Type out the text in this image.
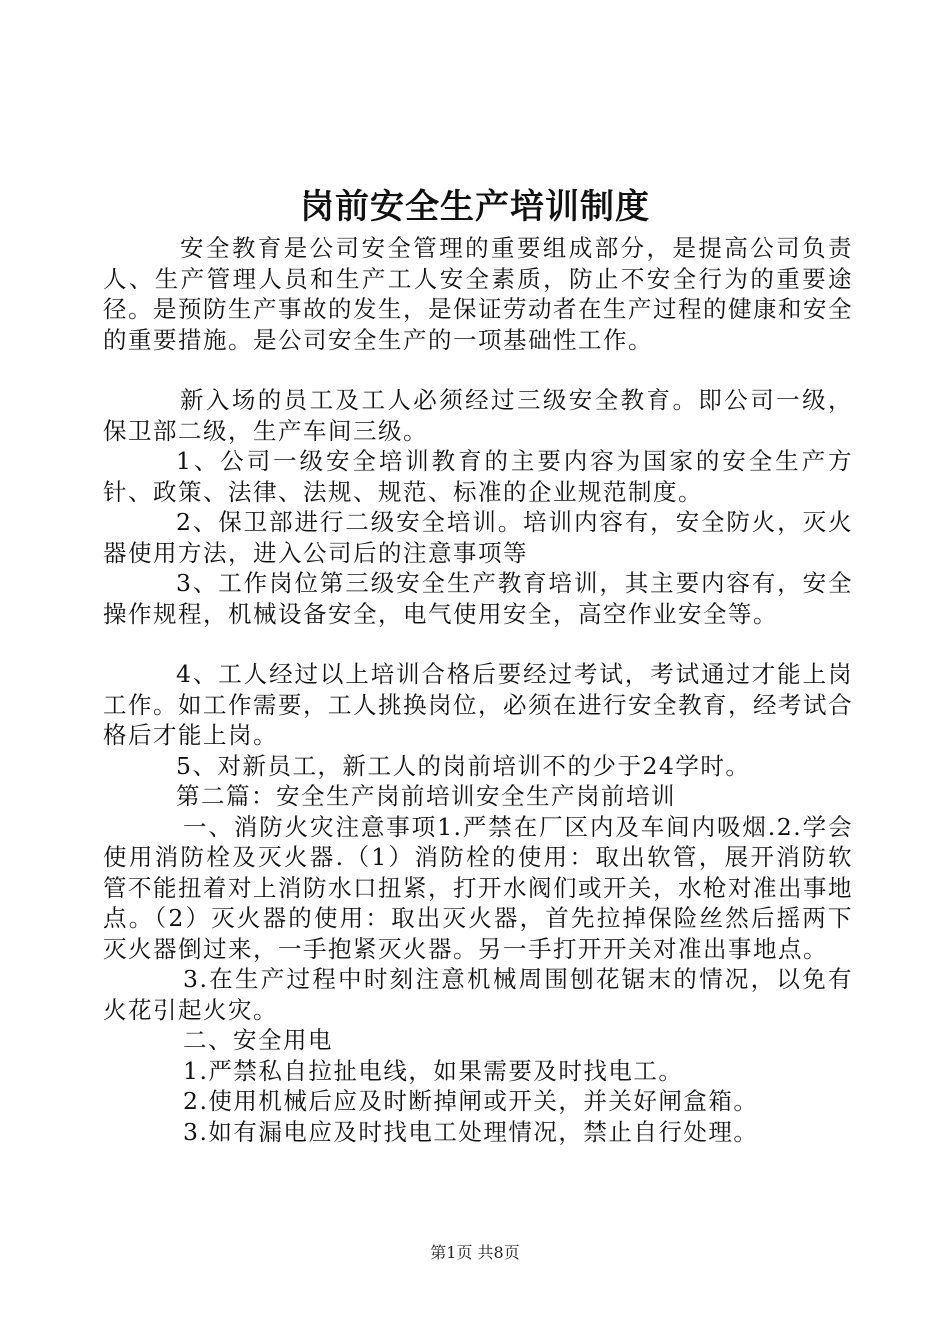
岗前安全生产培训制度

安全教育是公司安全管理的重要组成部分，是提高公司负责人、生产管理人员和生产工人安全素质，防止不安全行为的重要途径。是预防生产事故的发生，是保证劳动者在生产过程的健康和安全的重要措施。是公司安全生产的一项基础性工作。

新入场的员工及工人必须经过三级安全教育。即公司一级，保卫部二级，生产车间三级。

1、公司一级安全培训教育的主要内容为国家的安全生产方针、政策、法律、法规、规范、标准的企业规范制度。

2、保卫部进行二级安全培训。培训内容有，安全防火，灭火器使用方法，进入公司后的注意事项等

3、工作岗位第三级安全生产教育培训，其主要内容有，安全操作规程，机械设备安全，电气使用安全，高空作业安全等。

4、工人经过以上培训合格后要经过考试，考试通过才能上岗工作。如工作需要，工人挑换岗位，必须在进行安全教育，经考试合格后才能上岗。

5、对新员工，新工人的岗前培训不的少于24学时。

第二篇：安全生产岗前培训安全生产岗前培训

一、消防火灾注意事项1.严禁在厂区内及车间内吸烟.2.学会使用消防栓及灭火器.（1）消防栓的使用：取出软管，展开消防软管不能扭着对上消防水口扭紧，打开水阀们或开关，水枪对准出事地点。（2）灭火器的使用：取出灭火器，首先拉掉保险丝然后摇两下灭火器倒过来，一手抱紧灭火器。另一手打开开关对准出事地点。

3.在生产过程中时刻注意机械周围刨花锯末的情况，以免有火花引起火灾。

二、安全用电

1.严禁私自拉扯电线，如果需要及时找电工。

2.使用机械后应及时断掉闸或开关，并关好闸盒箱。

3.如有漏电应及时找电工处理情况，禁止自行处理。

第1页 共8页
